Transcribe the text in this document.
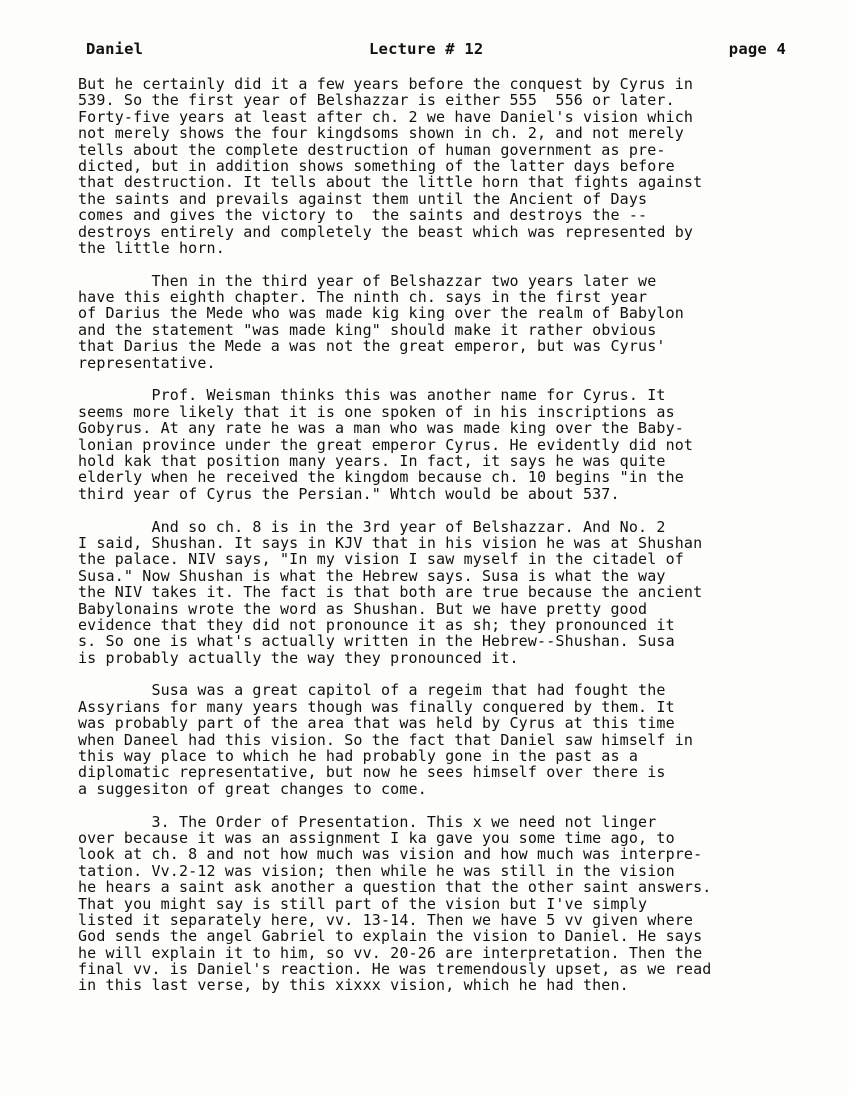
Daniel	Lecture # 12	page 4
But he certainly did it a few years before the conquest by Cyrus in
539. So the first year of Belshazzar is either 555  556 or later.
Forty-five years at least after ch. 2 we have Daniel's vision which
not merely shows the four kingdsoms shown in ch. 2, and not merely
tells about the complete destruction of human government as pre-
dicted, but in addition shows something of the latter days before
that destruction. It tells about the little horn that fights against
the saints and prevails against them until the Ancient of Days
comes and gives the victory to  the saints and destroys the --
destroys entirely and completely the beast which was represented by
the little horn.
Then in the third year of Belshazzar two years later we
have this eighth chapter. The ninth ch. says in the first year
of Darius the Mede who was made kig king over the realm of Babylon
and the statement "was made king" should make it rather obvious
that Darius the Mede a was not the great emperor, but was Cyrus'
representative.
Prof. Weisman thinks this was another name for Cyrus. It
seems more likely that it is one spoken of in his inscriptions as
Gobyrus. At any rate he was a man who was made king over the Baby-
lonian province under the great emperor Cyrus. He evidently did not
hold kak that position many years. In fact, it says he was quite
elderly when he received the kingdom because ch. 10 begins "in the
third year of Cyrus the Persian." Whtch would be about 537.
And so ch. 8 is in the 3rd year of Belshazzar. And No. 2
I said, Shushan. It says in KJV that in his vision he was at Shushan
the palace. NIV says, "In my vision I saw myself in the citadel of
Susa." Now Shushan is what the Hebrew says. Susa is what the way
the NIV takes it. The fact is that both are true because the ancient
Babylonains wrote the word as Shushan. But we have pretty good
evidence that they did not pronounce it as sh; they pronounced it
s. So one is what's actually written in the Hebrew--Shushan. Susa
is probably actually the way they pronounced it.
Susa was a great capitol of a regeim that had fought the
Assyrians for many years though was finally conquered by them. It
was probably part of the area that was held by Cyrus at this time
when Daneel had this vision. So the fact that Daniel saw himself in
this way place to which he had probably gone in the past as a
diplomatic representative, but now he sees himself over there is
a suggesiton of great changes to come.
3. The Order of Presentation. This x we need not linger
over because it was an assignment I ka gave you some time ago, to
look at ch. 8 and not how much was vision and how much was interpre-
tation. Vv.2-12 was vision; then while he was still in the vision
he hears a saint ask another a question that the other saint answers.
That you might say is still part of the vision but I've simply
listed it separately here, vv. 13-14. Then we have 5 vv given where
God sends the angel Gabriel to explain the vision to Daniel. He says
he will explain it to him, so vv. 20-26 are interpretation. Then the
final vv. is Daniel's reaction. He was tremendously upset, as we read
in this last verse, by this xixxx vision, which he had then.
